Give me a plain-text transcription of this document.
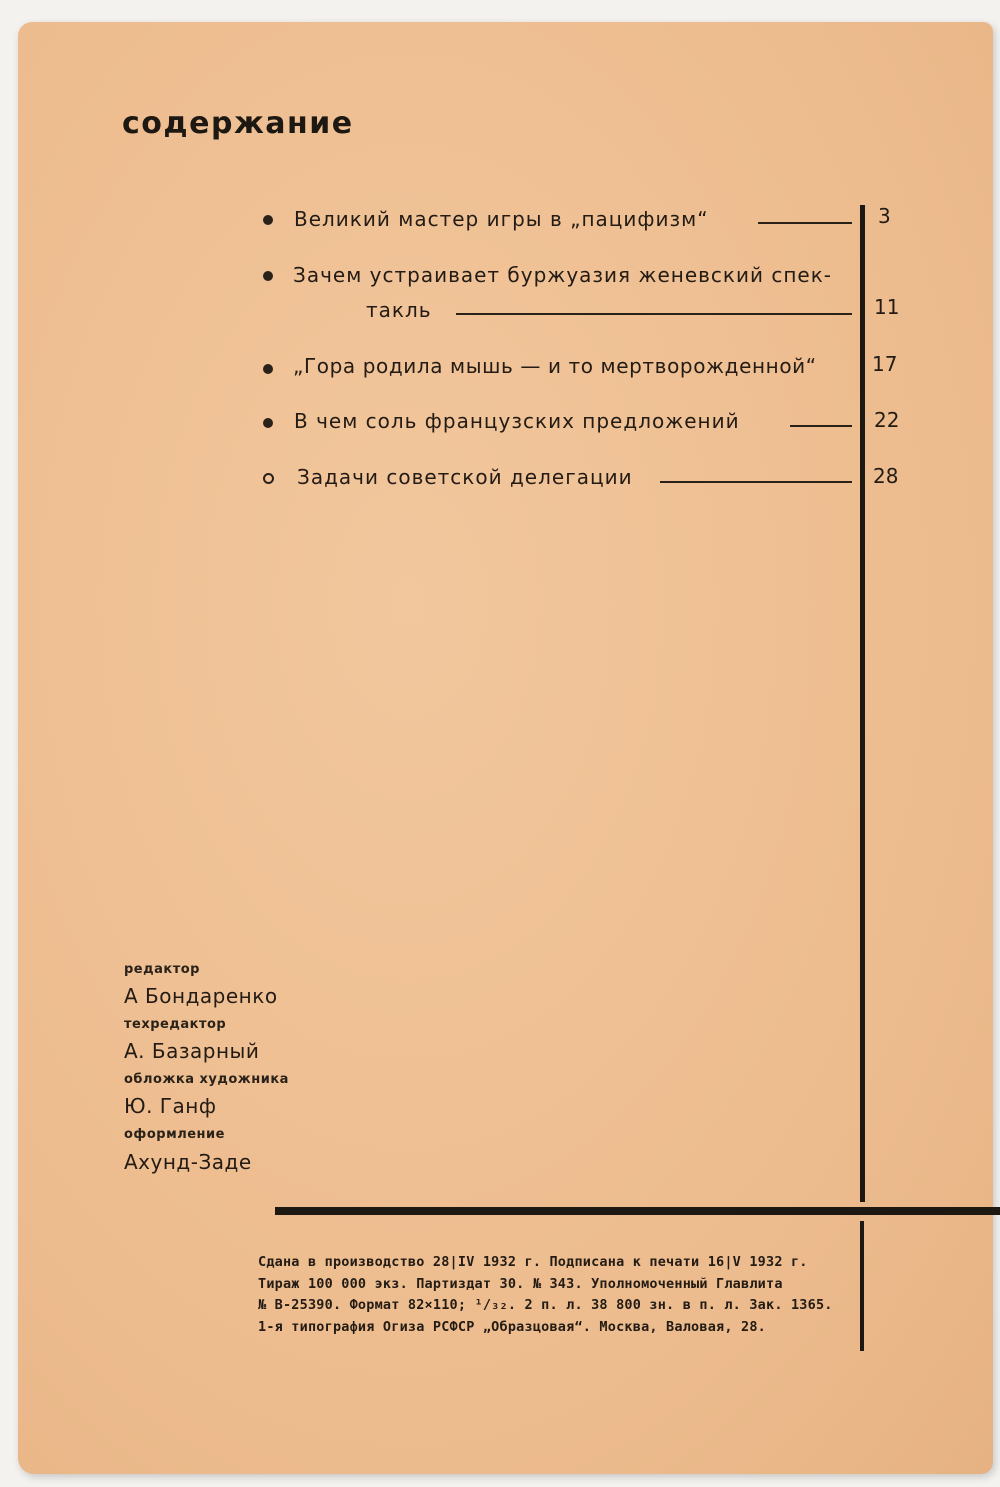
содержание
Великий мастер игры в „пацифизм“	3
Зачем устраивает буржуазия женевский спек-
такль	11
„Гора родила мышь — и то мертворожденной“	17
В чем соль французских предложений	22
Задачи советской делегации	28
редактор
А Бондаренко
техредактор
А. Базарный
обложка художника
Ю. Ганф
оформление
Ахунд-Заде
Сдана в производство 28|IV 1932 г. Подписана к печати 16|V 1932 г.
Тираж 100 000 экз. Партиздат 30. № 343. Уполномоченный Главлита
№ В-25390. Формат 82×110; ¹/₃₂. 2 п. л. 38 800 зн. в п. л. Зак. 1365.
1-я типография Огиза РСФСР „Образцовая“. Москва, Валовая, 28.
